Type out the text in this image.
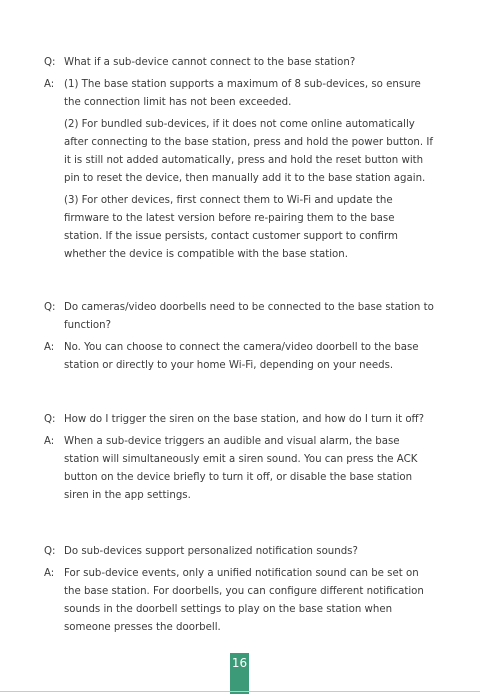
Q: What if a sub-device cannot connect to the base station?
A: (1) The base station supports a maximum of 8 sub-devices, so ensure the connection limit has not been exceeded.

(2) For bundled sub-devices, if it does not come online automatically after connecting to the base station, press and hold the power button. If it is still not added automatically, press and hold the reset button with pin to reset the device, then manually add it to the base station again.

(3) For other devices, first connect them to Wi-Fi and update the firmware to the latest version before re-pairing them to the base station. If the issue persists, contact customer support to confirm whether the device is compatible with the base station.

Q: Do cameras/video doorbells need to be connected to the base station to function?
A: No. You can choose to connect the camera/video doorbell to the base station or directly to your home Wi-Fi, depending on your needs.

Q: How do I trigger the siren on the base station, and how do I turn it off?
A: When a sub-device triggers an audible and visual alarm, the base station will simultaneously emit a siren sound. You can press the ACK button on the device briefly to turn it off, or disable the base station siren in the app settings.

Q: Do sub-devices support personalized notification sounds?
A: For sub-device events, only a unified notification sound can be set on the base station. For doorbells, you can configure different notification sounds in the doorbell settings to play on the base station when someone presses the doorbell.

16
